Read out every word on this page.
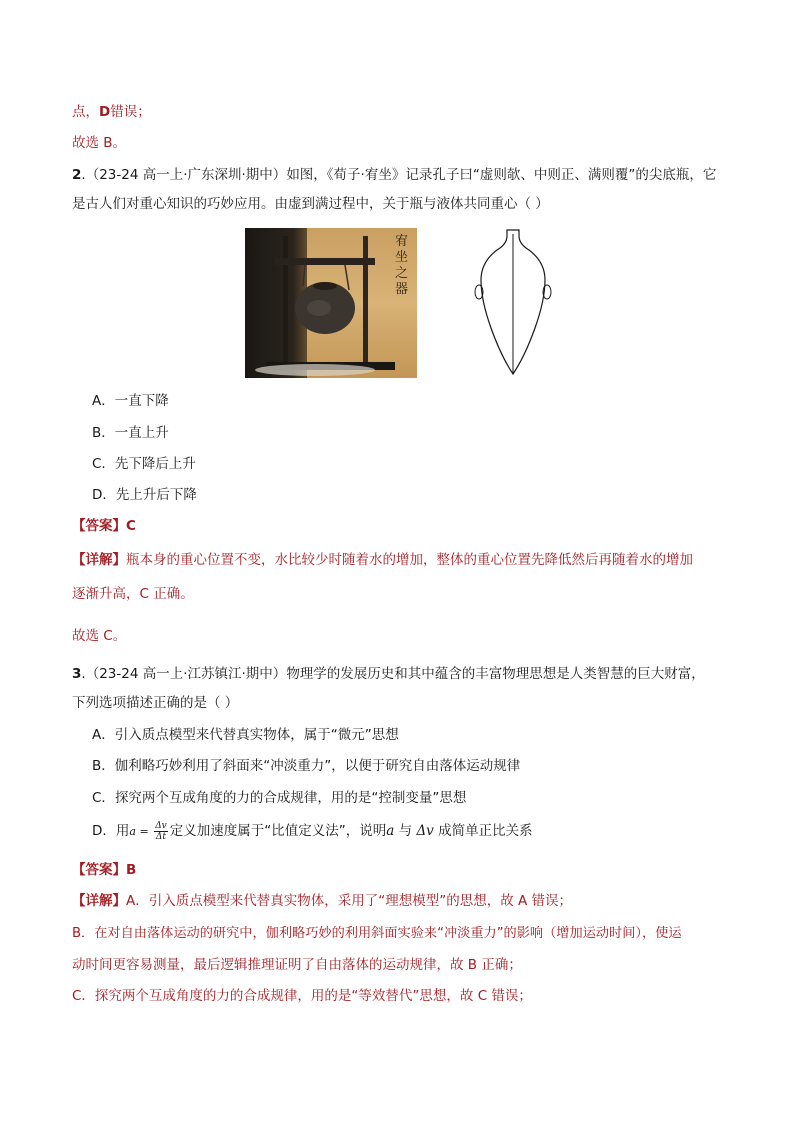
点，D错误；
故选 B。
2.（23-24 高一上·广东深圳·期中）如图，《荀子·宥坐》记录孔子曰“虚则欹、中则正、满则覆”的尖底瓶，它
是古人们对重心知识的巧妙应用。由虚到满过程中，关于瓶与液体共同重心（ ）
宥坐之器
A．一直下降
B．一直上升
C．先下降后上升
D．先上升后下降
【答案】C
【详解】瓶本身的重心位置不变，水比较少时随着水的增加，整体的重心位置先降低然后再随着水的增加
逐渐升高，C 正确。
故选 C。
3.（23-24 高一上·江苏镇江·期中）物理学的发展历史和其中蕴含的丰富物理思想是人类智慧的巨大财富，
下列选项描述正确的是（ ）
A．引入质点模型来代替真实物体，属于“微元”思想
B．伽利略巧妙利用了斜面来“冲淡重力”，以便于研究自由落体运动规律
C．探究两个互成角度的力的合成规律，用的是“控制变量”思想
D．用$a = \frac{\Delta v}{\Delta t}$ 定义加速度属于“比值定义法”，说明a 与 Δv 成简单正比关系
【答案】B
【详解】A．引入质点模型来代替真实物体，采用了“理想模型”的思想，故 A 错误；
B．在对自由落体运动的研究中，伽利略巧妙的利用斜面实验来“冲淡重力”的影响（增加运动时间），使运
动时间更容易测量，最后逻辑推理证明了自由落体的运动规律，故 B 正确；
C．探究两个互成角度的力的合成规律，用的是“等效替代”思想，故 C 错误；
